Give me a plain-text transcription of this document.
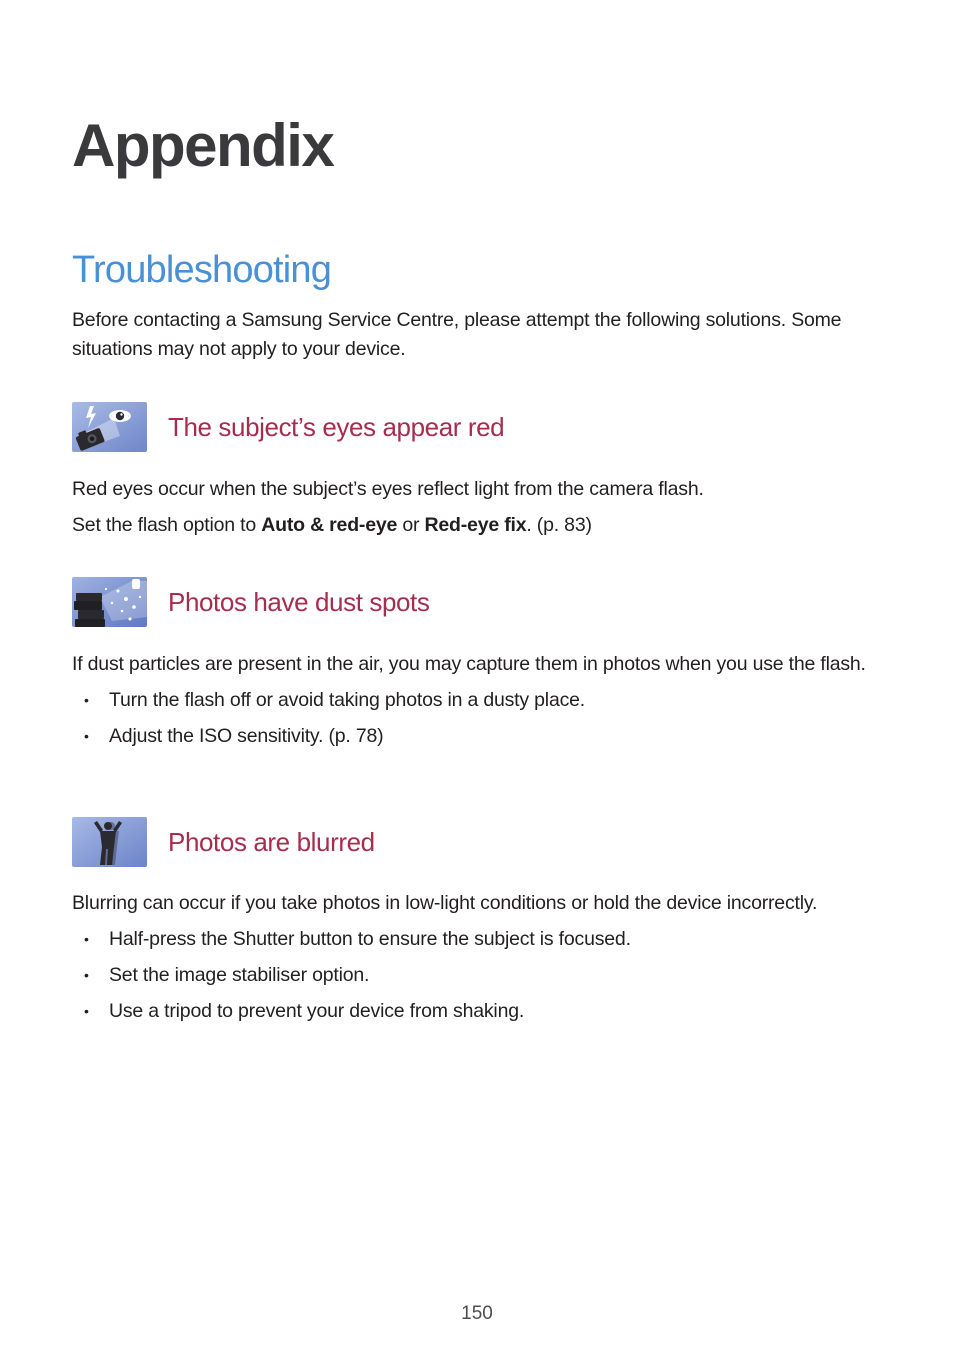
Appendix
Troubleshooting

Before contacting a Samsung Service Centre, please attempt the following solutions. Some situations may not apply to your device.

The subject’s eyes appear red

Red eyes occur when the subject’s eyes reflect light from the camera flash.

Set the flash option to Auto & red-eye or Red-eye fix. (p. 83)

Photos have dust spots

If dust particles are present in the air, you may capture them in photos when you use the flash.

• Turn the flash off or avoid taking photos in a dusty place.
• Adjust the ISO sensitivity. (p. 78)
Photos are blurred

Blurring can occur if you take photos in low-light conditions or hold the device incorrectly.

• Half-press the Shutter button to ensure the subject is focused.
• Set the image stabiliser option.
• Use a tripod to prevent your device from shaking.
150
